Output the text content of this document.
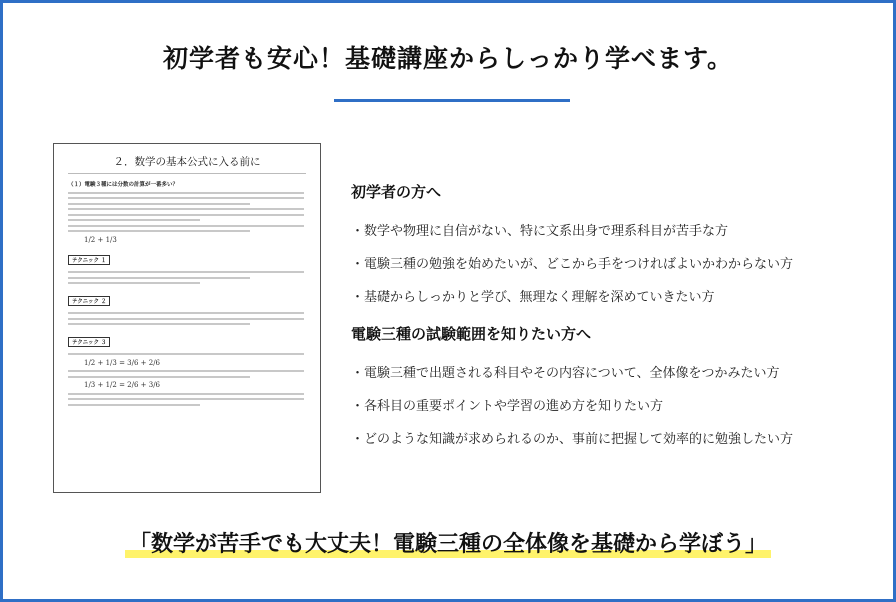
初学者も安心！基礎講座からしっかり学べます。
２．数学の基本公式に入る前に
（１）電験３種には分数の計算が一番多い？
1/2 + 1/3
テクニック １
テクニック ２
テクニック ３
1/2 + 1/3 = 3/6 + 2/6
1/3 + 1/2 = 2/6 + 3/6
初学者の方へ
・数学や物理に自信がない、特に文系出身で理系科目が苦手な方
・電験三種の勉強を始めたいが、どこから手をつければよいかわからない方
・基礎からしっかりと学び、無理なく理解を深めていきたい方
電験三種の試験範囲を知りたい方へ
・電験三種で出題される科目やその内容について、全体像をつかみたい方
・各科目の重要ポイントや学習の進め方を知りたい方
・どのような知識が求められるのか、事前に把握して効率的に勉強したい方
「数学が苦手でも大丈夫！電験三種の全体像を基礎から学ぼう」
